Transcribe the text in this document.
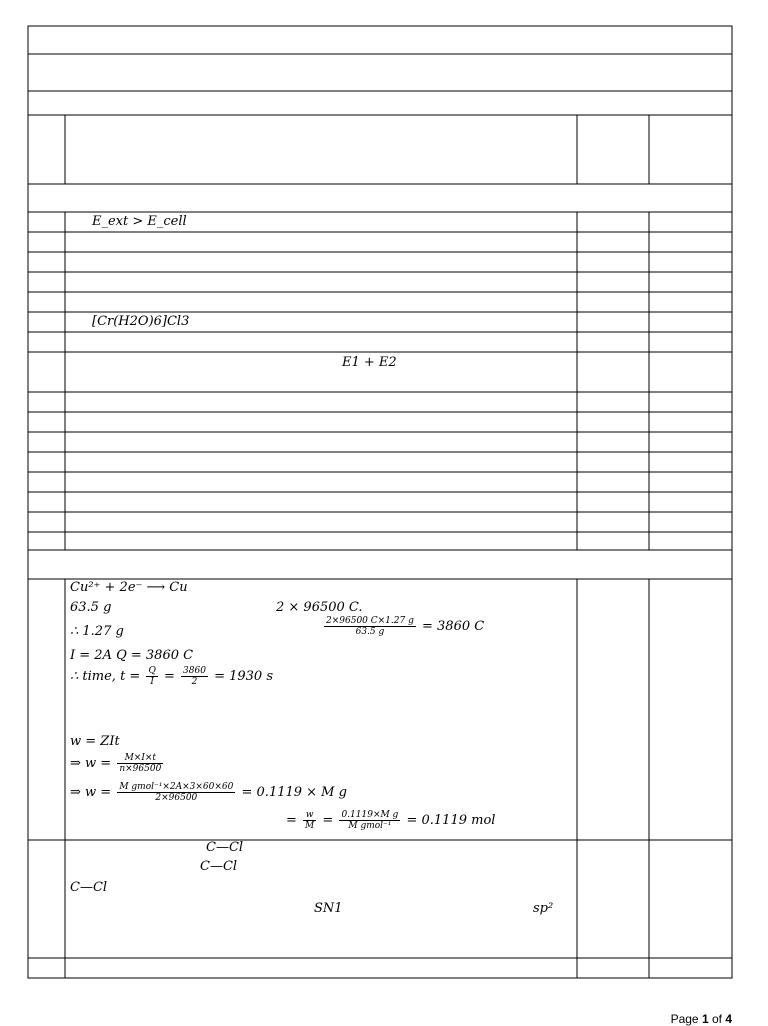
E_ext > E_cell
[Cr(H2O)6]Cl3
E1 + E2
Cu²⁺ + 2e⁻ ⟶ Cu
63.5 g	2 × 96500 C.
∴ 1.27 g	$\frac{2\times 96500 C\times 1.27 g}{63.5 g} = 3860$ C
I = 2A Q = 3860 C
∴ time, $t = \frac{Q}{I} = \frac{3860}{2} = 1930$ s
w = ZIt
⇒ $w = \frac{M\times I\times t}{n\times 96500}$
⇒ $w = \frac{\text{M gmol⁻¹×2A×3×60×60}}{2\times 96500} = 0.1119 \times M$ g
= $\frac{w}{M} = \frac{\text{0.1119×M g}}{\text{M gmol⁻¹}} = 0.1119$ mol
C—Cl
C—Cl
C—Cl
SN1	sp²
Page 1 of 4
